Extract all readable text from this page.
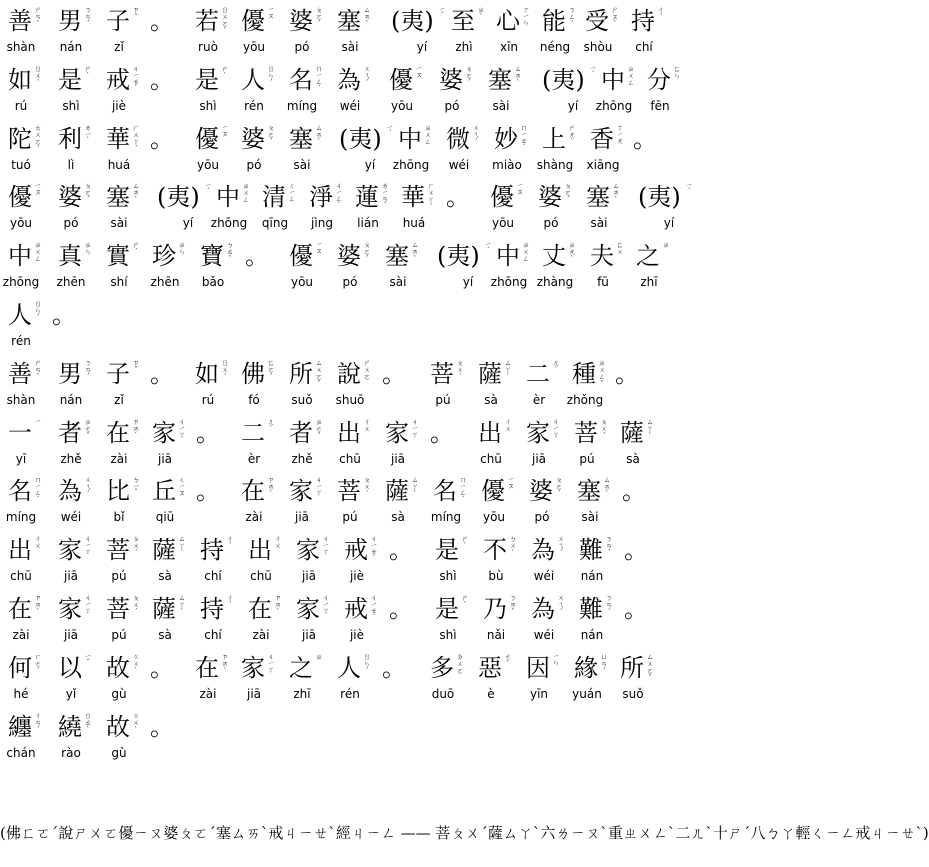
善 ㄕㄢˋ
shàn
男 ㄋㄢˊ
nán
子 ㄗˇ
zǐ
。 若 ㄖㄨㄛˋ
ruò
優 ㄧㄡ
yōu
婆 ㄆㄛˊ
pó
塞 ㄙㄞˋ
sài
(夷) ㄧˊ
yí
至 ㄓˋ
zhì
心 ㄒㄧㄣ
xīn
能 ㄋㄥˊ
néng
受 ㄕㄡˋ
shòu
持 ㄔˊ
chí
如 ㄖㄨˊ
rú
是 ㄕˋ
shì
戒 ㄐㄧㄝˋ
jiè
。 是 ㄕˋ
shì
人 ㄖㄣˊ
rén
名 ㄇㄧㄥˊ
míng
為 ㄨㄟˊ
wéi
優 ㄧㄡ
yōu
婆 ㄆㄛˊ
pó
塞 ㄙㄞˋ
sài
(夷) ㄧˊ
yí
中 ㄓㄨㄥ
zhōng
分 ㄈㄣ
fēn
陀 ㄊㄨㄛˊ
tuó
利 ㄌㄧˋ
lì
華 ㄏㄨㄚˊ
huá
。 優 ㄧㄡ
yōu
婆 ㄆㄛˊ
pó
塞 ㄙㄞˋ
sài
(夷) ㄧˊ
yí
中 ㄓㄨㄥ
zhōng
微 ㄨㄟˊ
wéi
妙 ㄇㄧㄠˋ
miào
上 ㄕㄤˋ
shàng
香 ㄒㄧㄤ
xiāng
。
優 ㄧㄡ
yōu
婆 ㄆㄛˊ
pó
塞 ㄙㄞˋ
sài
(夷) ㄧˊ
yí
中 ㄓㄨㄥ
zhōng
清 ㄑㄧㄥ
qīng
淨 ㄐㄧㄥˋ
jìng
蓮 ㄌㄧㄢˊ
lián
華 ㄏㄨㄚˊ
huá
。 優 ㄧㄡ
yōu
婆 ㄆㄛˊ
pó
塞 ㄙㄞˋ
sài
(夷) ㄧˊ
yí
中 ㄓㄨㄥ
zhōng
真 ㄓㄣ
zhēn
實 ㄕˊ
shí
珍 ㄓㄣ
zhēn
寶 ㄅㄠˇ
bǎo
。 優 ㄧㄡ
yōu
婆 ㄆㄛˊ
pó
塞 ㄙㄞˋ
sài
(夷) ㄧˊ
yí
中 ㄓㄨㄥ
zhōng
丈 ㄓㄤˋ
zhàng
夫 ㄈㄨ
fū
之 ㄓ
zhī
人 ㄖㄣˊ
rén
。
善 ㄕㄢˋ
shàn
男 ㄋㄢˊ
nán
子 ㄗˇ
zǐ
。 如 ㄖㄨˊ
rú
佛 ㄈㄛˊ
fó
所 ㄙㄨㄛˇ
suǒ
說 ㄕㄨㄛ
shuō
。 菩 ㄆㄨˊ
pú
薩 ㄙㄚˋ
sà
二 ㄦˋ
èr
種 ㄓㄨㄥˇ
zhǒng
。
一 ㄧ
yī
者 ㄓㄜˇ
zhě
在 ㄗㄞˋ
zài
家 ㄐㄧㄚ
jiā
。 二 ㄦˋ
èr
者 ㄓㄜˇ
zhě
出 ㄔㄨ
chū
家 ㄐㄧㄚ
jiā
。 出 ㄔㄨ
chū
家 ㄐㄧㄚ
jiā
菩 ㄆㄨˊ
pú
薩 ㄙㄚˋ
sà
名 ㄇㄧㄥˊ
míng
為 ㄨㄟˊ
wéi
比 ㄅㄧˇ
bǐ
丘 ㄑㄧㄡ
qiū
。 在 ㄗㄞˋ
zài
家 ㄐㄧㄚ
jiā
菩 ㄆㄨˊ
pú
薩 ㄙㄚˋ
sà
名 ㄇㄧㄥˊ
míng
優 ㄧㄡ
yōu
婆 ㄆㄛˊ
pó
塞 ㄙㄞˋ
sài
。
出 ㄔㄨ
chū
家 ㄐㄧㄚ
jiā
菩 ㄆㄨˊ
pú
薩 ㄙㄚˋ
sà
持 ㄔˊ
chí
出 ㄔㄨ
chū
家 ㄐㄧㄚ
jiā
戒 ㄐㄧㄝˋ
jiè
。 是 ㄕˋ
shì
不 ㄅㄨˋ
bù
為 ㄨㄟˊ
wéi
難 ㄋㄢˊ
nán
。
在 ㄗㄞˋ
zài
家 ㄐㄧㄚ
jiā
菩 ㄆㄨˊ
pú
薩 ㄙㄚˋ
sà
持 ㄔˊ
chí
在 ㄗㄞˋ
zài
家 ㄐㄧㄚ
jiā
戒 ㄐㄧㄝˋ
jiè
。 是 ㄕˋ
shì
乃 ㄋㄞˇ
nǎi
為 ㄨㄟˊ
wéi
難 ㄋㄢˊ
nán
。
何 ㄏㄜˊ
hé
以 ㄧˇ
yǐ
故 ㄍㄨˋ
gù
。 在 ㄗㄞˋ
zài
家 ㄐㄧㄚ
jiā
之 ㄓ
zhī
人 ㄖㄣˊ
rén
。 多 ㄉㄨㄛ
duō
惡 ㄜˋ
è
因 ㄧㄣ
yīn
緣 ㄩㄢˊ
yuán
所 ㄙㄨㄛˇ
suǒ
纏 ㄔㄢˊ
chán
繞 ㄖㄠˋ
rào
故 ㄍㄨˋ
gù
。
(佛ㄈㄛˊ說ㄕㄨㄛ優ㄧㄡ婆ㄆㄛˊ塞ㄙㄞˋ戒ㄐㄧㄝˋ經ㄐㄧㄥ —— 菩ㄆㄨˊ薩ㄙㄚˋ六ㄌㄧㄡˋ重ㄓㄨㄥˋ二ㄦˋ十ㄕˊ八ㄅㄚ輕ㄑㄧㄥ戒ㄐㄧㄝˋ)
